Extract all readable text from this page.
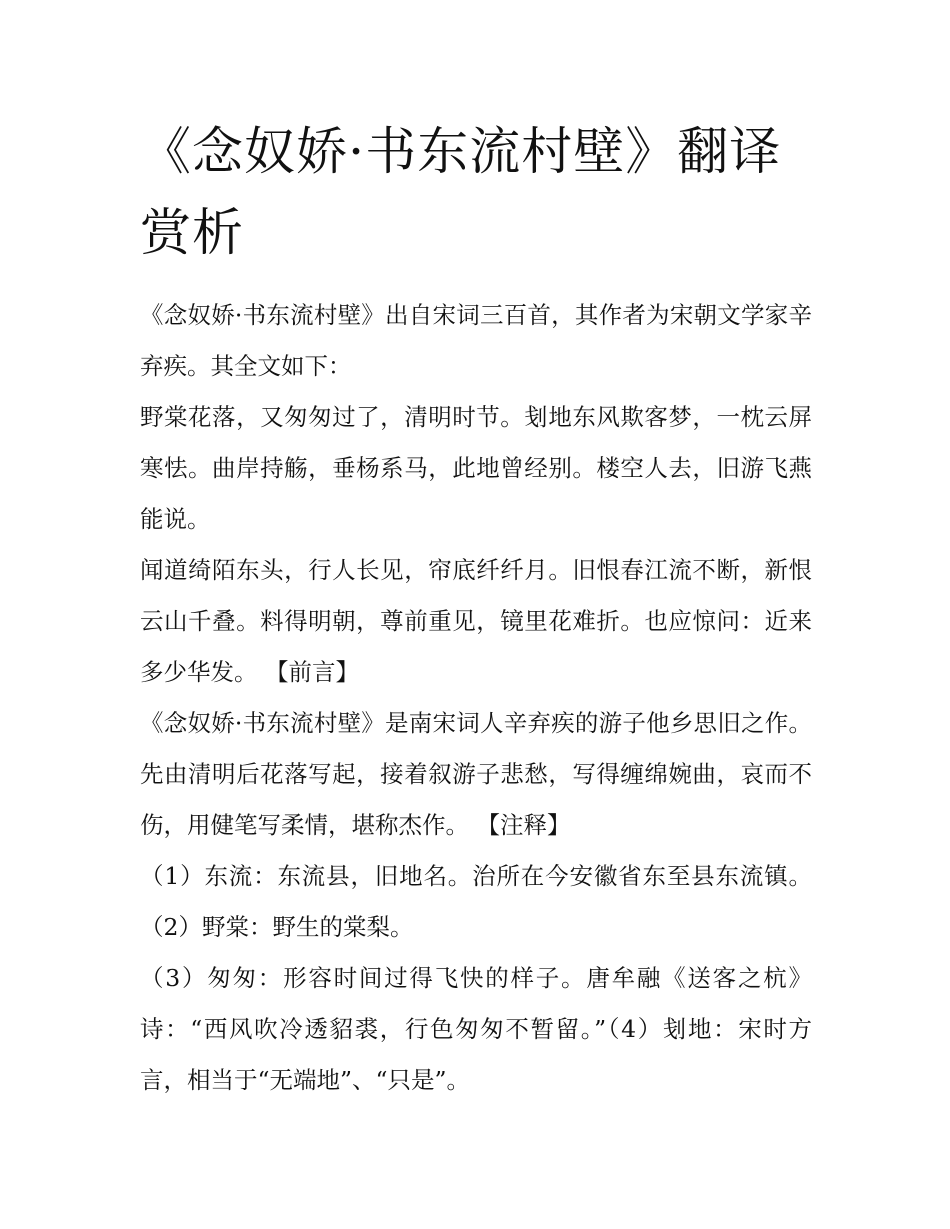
《念奴娇·书东流村壁》翻译赏析

《念奴娇·书东流村壁》出自宋词三百首，其作者为宋朝文学家辛弃疾。其全文如下：

野棠花落，又匆匆过了，清明时节。刬地东风欺客梦，一枕云屏寒怯。曲岸持觞，垂杨系马，此地曾经别。楼空人去，旧游飞燕能说。

闻道绮陌东头，行人长见，帘底纤纤月。旧恨春江流不断，新恨云山千叠。料得明朝，尊前重见，镜里花难折。也应惊问：近来多少华发。 【前言】

《念奴娇·书东流村壁》是南宋词人辛弃疾的游子他乡思旧之作。先由清明后花落写起，接着叙游子悲愁，写得缠绵婉曲，哀而不伤，用健笔写柔情，堪称杰作。 【注释】

（1）东流：东流县，旧地名。治所在今安徽省东至县东流镇。 （2）野棠：野生的棠梨。

（3）匆匆：形容时间过得飞快的样子。唐牟融《送客之杭》诗：“西风吹冷透貂裘，行色匆匆不暂留。”（4）刬地：宋时方言，相当于“无端地”、“只是”。
